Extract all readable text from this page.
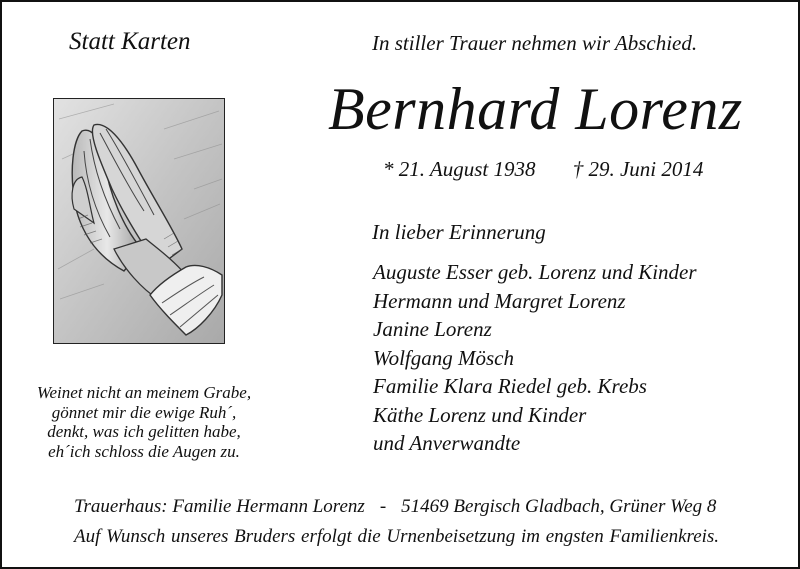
Statt Karten	In stiller Trauer nehmen wir Abschied.
Bernhard Lorenz
* 21. August 1938 † 29. Juni 2014
In lieber Erinnerung
Auguste Esser geb. Lorenz und Kinder
Hermann und Margret Lorenz
Janine Lorenz
Wolfgang Mösch
Familie Klara Riedel geb. Krebs
Käthe Lorenz und Kinder
und Anverwandte
Weinet nicht an meinem Grabe,
gönnet mir die ewige Ruh´,
denkt, was ich gelitten habe,
eh´ich schloss die Augen zu.
Trauerhaus: Familie Hermann Lorenz - 51469 Bergisch Gladbach, Grüner Weg 8
Auf Wunsch unseres Bruders erfolgt die Urnenbeisetzung im engsten Familienkreis.
